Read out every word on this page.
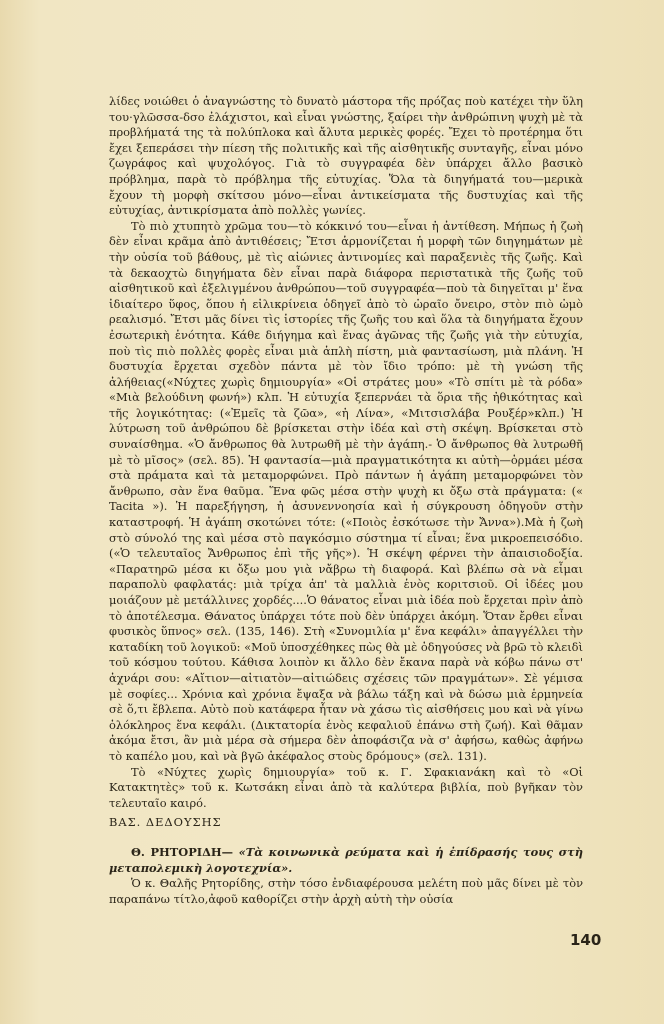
λίδες νοιώθει ὁ ἀναγνώστης τὸ δυνατὸ μάστορα τῆς πρόζας ποὺ κατέχει τὴν ὕλη του·γλῶσσα-δσο ἐλάχιστοι, καὶ εἶναι γνώστης, ξαίρει τὴν ἀνθρώπινη ψυχὴ μὲ τὰ προβλήματά της τὰ πολύπλοκα καὶ ἄλυτα μερικὲς φορές. Ἔχει τὸ προτέρημα ὅτι ἔχει ξεπεράσει τὴν πίεση τῆς πολιτικῆς καὶ τῆς αἰσθητικῆς συνταγῆς, εἶναι μόνο ζωγράφος καὶ ψυχολόγος. Γιὰ τὸ συγγραφέα δὲν ὑπάρχει ἄλλο βασικὸ πρόβλημα, παρὰ τὸ πρόβλημα τῆς εὐτυχίας. Ὅλα τὰ διηγήματά του—μερικὰ ἔχουν τὴ μορφὴ σκίτσου μόνο—εἶναι ἀντικείσματα τῆς δυστυχίας καὶ τῆς εὐτυχίας, ἀντικρίσματα ἀπὸ πολλὲς γωνίες.

Τὸ πιὸ χτυπητὸ χρῶμα του—τὸ κόκκινό του—εἶναι ἡ ἀντίθεση. Μήπως ἡ ζωὴ δὲν εἶναι κρᾶμα ἀπὸ ἀντιθέσεις; Ἔτσι ἁρμονίζεται ἡ μορφὴ τῶν διηγημάτων μὲ τὴν οὐσία τοῦ βάθους, μὲ τὶς αἰώνιες ἀντινομίες καὶ παραξενιὲς τῆς ζωῆς. Καὶ τὰ δεκαοχτὼ διηγήματα δὲν εἶναι παρὰ διάφορα περιστατικὰ τῆς ζωῆς τοῦ αἰσθητικοῦ καὶ ἐξελιγμένου ἀνθρώπου—τοῦ συγγραφέα—ποὺ τὰ διηγεῖται μ' ἕνα ἰδιαίτερο ὕφος, ὅπου ἡ εἰλικρίνεια ὁδηγεῖ ἀπὸ τὸ ὡραῖο ὄνειρο, στὸν πιὸ ὠμὸ ρεαλισμό. Ἔτσι μᾶς δίνει τὶς ἱστορίες τῆς ζωῆς του καὶ ὅλα τὰ διηγήματα ἔχουν ἐσωτερικὴ ἑνότητα. Κάθε διήγημα καὶ ἕνας ἀγῶνας τῆς ζωῆς γιὰ τὴν εὐτυχία, ποὺ τὶς πιὸ πολλὲς φορὲς εἶναι μιὰ ἁπλὴ πίστη, μιὰ φαντασίωση, μιὰ πλάνη. Ἡ δυστυχία ἔρχεται σχεδὸν πάντα μὲ τὸν ἴδιο τρόπο: μὲ τὴ γνώση τῆς ἀλήθειας(«Νύχτες χωρὶς δημιουργία» «Οἱ στράτες μου» «Τὸ σπίτι μὲ τὰ ρόδα» «Μιὰ βελούδινη φωνή») κλπ. Ἡ εὐτυχία ξεπερνάει τὰ ὅρια τῆς ἠθικότητας καὶ τῆς λογικότητας: («Ἐμεῖς τὰ ζῶα», «ἡ Λίνα», «Μιτσισλάβα Ρουξέρ»κλπ.) Ἡ λύτρωση τοῦ ἀνθρώπου δὲ βρίσκεται στὴν ἰδέα καὶ στὴ σκέψη. Βρίσκεται στὸ συναίσθημα. «Ὁ ἄνθρωπος θὰ λυτρωθῆ μὲ τὴν ἀγάπη.- Ὁ ἄνθρωπος θὰ λυτρωθῆ μὲ τὸ μῖσος» (σελ. 85). Ἡ φαντασία—μιὰ πραγματικότητα κι αὐτὴ—ὁρμάει μέσα στὰ πράματα καὶ τὰ μεταμορφώνει. Πρὸ πάντων ἡ ἀγάπη μεταμορφώνει τὸν ἄνθρωπο, σὰν ἕνα θαῦμα. Ἕνα φῶς μέσα στὴν ψυχὴ κι ὄξω στὰ πράγματα: (« Tacita »). Ἡ παρεξήγηση, ἡ ἀσυνεννοησία καὶ ἡ σύγκρουση ὁδηγοῦν στὴν καταστροφή. Ἡ ἀγάπη σκοτώνει τότε: («Ποιὸς ἐσκότωσε τὴν Ἄννα»).Μὰ ἡ ζωὴ στὸ σύνολό της καὶ μέσα στὸ παγκόσμιο σύστημα τί εἶναι; ἕνα μικροεπεισόδιο. («Ὁ τελευταῖος Ἄνθρωπος ἐπὶ τῆς γῆς»). Ἡ σκέψη φέρνει τὴν ἀπαισιοδοξία. «Παρατηρῶ μέσα κι ὄξω μου γιὰ νἄβρω τὴ διαφορά. Καὶ βλέπω σὰ νὰ εἶμαι παραπολὺ φαφλατάς: μιὰ τρίχα ἀπ' τὰ μαλλιὰ ἑνὸς κοριτσιοῦ. Οἱ ἰδέες μου μοιάζουν μὲ μετάλλινες χορδές....Ὁ θάνατος εἶναι μιὰ ἰδέα ποὺ ἔρχεται πρὶν ἀπὸ τὸ ἀποτέλεσμα. Θάνατος ὑπάρχει τότε ποὺ δὲν ὑπάρχει ἀκόμη. Ὅταν ἔρθει εἶναι φυσικὸς ὕπνος» σελ. (135, 146). Στὴ «Συνομιλία μ' ἕνα κεφάλι» ἀπαγγέλλει τὴν καταδίκη τοῦ λογικοῦ: «Μοῦ ὑποσχέθηκες πὼς θὰ μὲ ὁδηγούσες νὰ βρῶ τὸ κλειδὶ τοῦ κόσμου τούτου. Κάθισα λοιπὸν κι ἄλλο δὲν ἔκανα παρὰ νὰ κόβω πάνω στ' ἀχνάρι σου: «Αἴτιον—αἰτιατὸν—αἰτιώδεις σχέσεις τῶν πραγμάτων». Σὲ γέμισα μὲ σοφίες... Χρόνια καὶ χρόνια ἔψαξα νὰ βάλω τάξη καὶ νὰ δώσω μιὰ ἑρμηνεία σὲ ὅ,τι ἔβλεπα. Αὐτὸ ποὺ κατάφερα ἦταν νὰ χάσω τὶς αἰσθήσεις μου καὶ νὰ γίνω ὁλόκληρος ἕνα κεφάλι. (Δικτατορία ἑνὸς κεφαλιοῦ ἐπάνω στὴ ζωή). Καὶ θᾶμαν ἀκόμα ἔτσι, ἂν μιὰ μέρα σὰ σήμερα δὲν ἀποφάσιζα νὰ σ' ἀφήσω, καθὼς ἀφήνω τὸ καπέλο μου, καὶ νὰ βγῶ ἀκέφαλος στοὺς δρόμους» (σελ. 131).

Τὸ «Νύχτες χωρὶς δημιουργία» τοῦ κ. Γ. Σφακιανάκη καὶ τὸ «Οἱ Κατακτητὲς» τοῦ κ. Κωτσάκη εἶναι ἀπὸ τὰ καλύτερα βιβλία, ποὺ βγῆκαν τὸν τελευταῖο καιρό.

ΒΑΣ. ΔΕΔΟΥΣΗΣ

Θ. ΡΗΤΟΡΙΔΗ— «Τὰ κοινωνικὰ ρεύματα καὶ ἡ ἐπίδρασής τους στὴ μεταπολεμικὴ λογοτεχνία».

Ὁ κ. Θαλῆς Ρητορίδης, στὴν τόσο ἐνδιαφέρουσα μελέτη ποὺ μᾶς δίνει μὲ τὸν παραπάνω τίτλο,ἀφοῦ καθορίζει στὴν ἀρχὴ αὐτὴ τὴν οὐσία

140
